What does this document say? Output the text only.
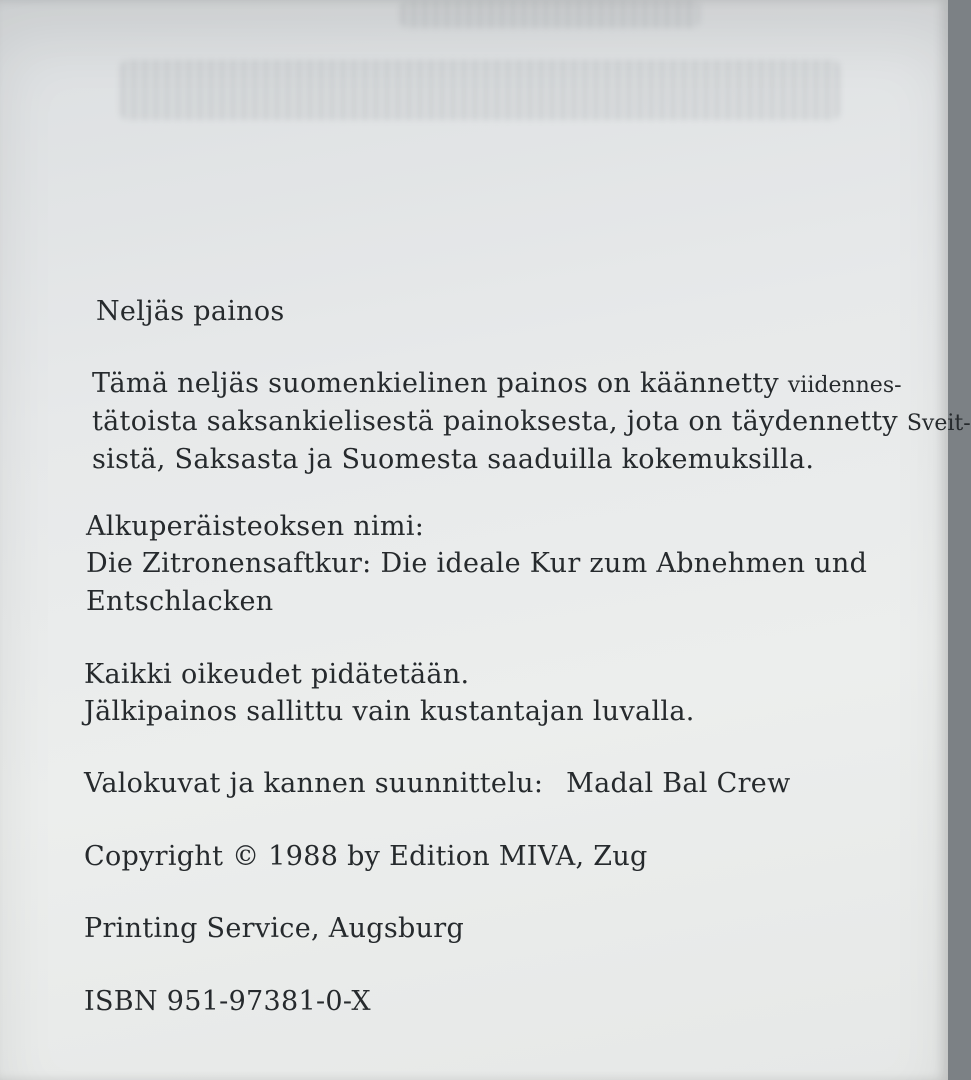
Neljäs painos
Tämä neljäs suomenkielinen painos on käännetty viidennes-
tätoista saksankielisestä painoksesta, jota on täydennetty Sveit-
sistä, Saksasta ja Suomesta saaduilla kokemuksilla.
Alkuperäisteoksen nimi:
Die Zitronensaftkur: Die ideale Kur zum Abnehmen und
Entschlacken
Kaikki oikeudet pidätetään.
Jälkipainos sallittu vain kustantajan luvalla.
Valokuvat ja kannen suunnittelu: Madal Bal Crew
Copyright © 1988 by Edition MIVA, Zug
Printing Service, Augsburg
ISBN 951-97381-0-X
